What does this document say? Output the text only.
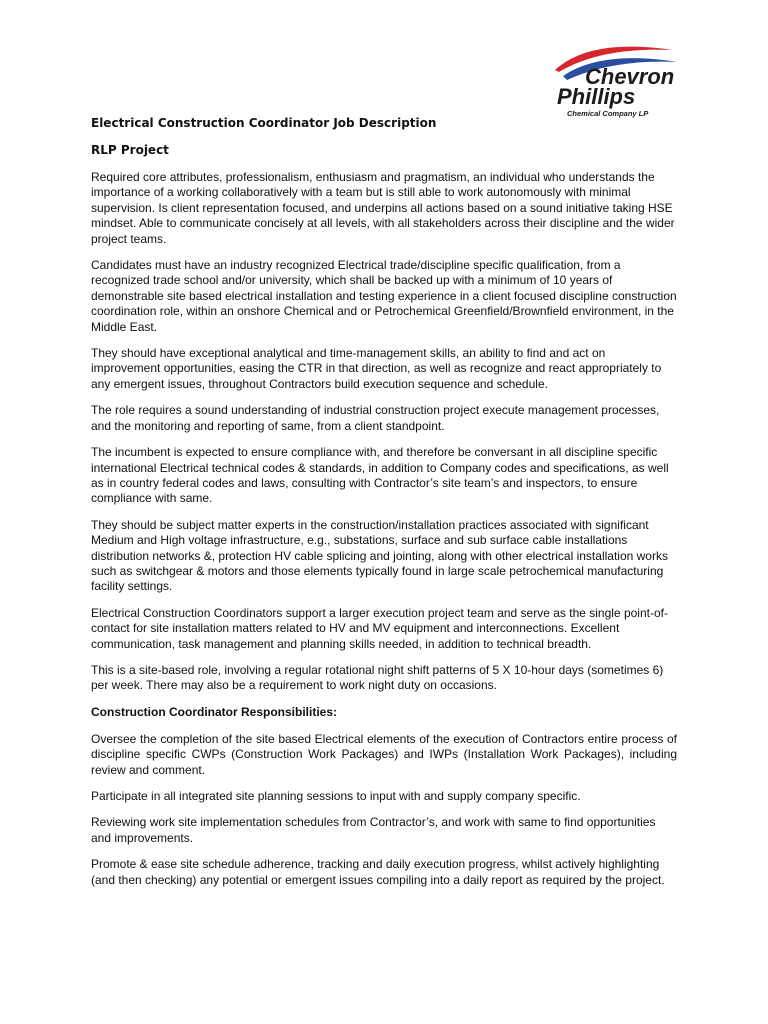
Chevron
Phillips
Chemical Company LP
Electrical Construction Coordinator Job Description
RLP Project

Required core attributes, professionalism, enthusiasm and pragmatism, an individual who understands the importance of a working collaboratively with a team but is still able to work autonomously with minimal supervision. Is client representation focused, and underpins all actions based on a sound initiative taking HSE mindset. Able to communicate concisely at all levels, with all stakeholders across their discipline and the wider project teams.

Candidates must have an industry recognized Electrical trade/discipline specific qualification, from a recognized trade school and/or university, which shall be backed up with a minimum of 10 years of demonstrable site based electrical installation and testing experience in a client focused discipline construction coordination role, within an onshore Chemical and or Petrochemical Greenfield/Brownfield environment, in the Middle East.

They should have exceptional analytical and time-management skills, an ability to find and act on improvement opportunities, easing the CTR in that direction, as well as recognize and react appropriately to any emergent issues, throughout Contractors build execution sequence and schedule.

The role requires a sound understanding of industrial construction project execute management processes, and the monitoring and reporting of same, from a client standpoint.

The incumbent is expected to ensure compliance with, and therefore be conversant in all discipline specific international Electrical technical codes & standards, in addition to Company codes and specifications, as well as in country federal codes and laws, consulting with Contractor’s site team’s and inspectors, to ensure compliance with same.

They should be subject matter experts in the construction/installation practices associated with significant Medium and High voltage infrastructure, e.g., substations, surface and sub surface cable installations distribution networks &, protection HV cable splicing and jointing, along with other electrical installation works such as switchgear & motors and those elements typically found in large scale petrochemical manufacturing facility settings.

Electrical Construction Coordinators support a larger execution project team and serve as the single point-of-contact for site installation matters related to HV and MV equipment and interconnections. Excellent communication, task management and planning skills needed, in addition to technical breadth.

This is a site-based role, involving a regular rotational night shift patterns of 5 X 10-hour days (sometimes 6) per week. There may also be a requirement to work night duty on occasions.

Construction Coordinator Responsibilities:

Oversee the completion of the site based Electrical elements of the execution of Contractors entire process of discipline specific CWPs (Construction Work Packages) and IWPs (Installation Work Packages), including review and comment.

Participate in all integrated site planning sessions to input with and supply company specific.

Reviewing work site implementation schedules from Contractor’s, and work with same to find opportunities and improvements.

Promote & ease site schedule adherence, tracking and daily execution progress, whilst actively highlighting (and then checking) any potential or emergent issues compiling into a daily report as required by the project.
